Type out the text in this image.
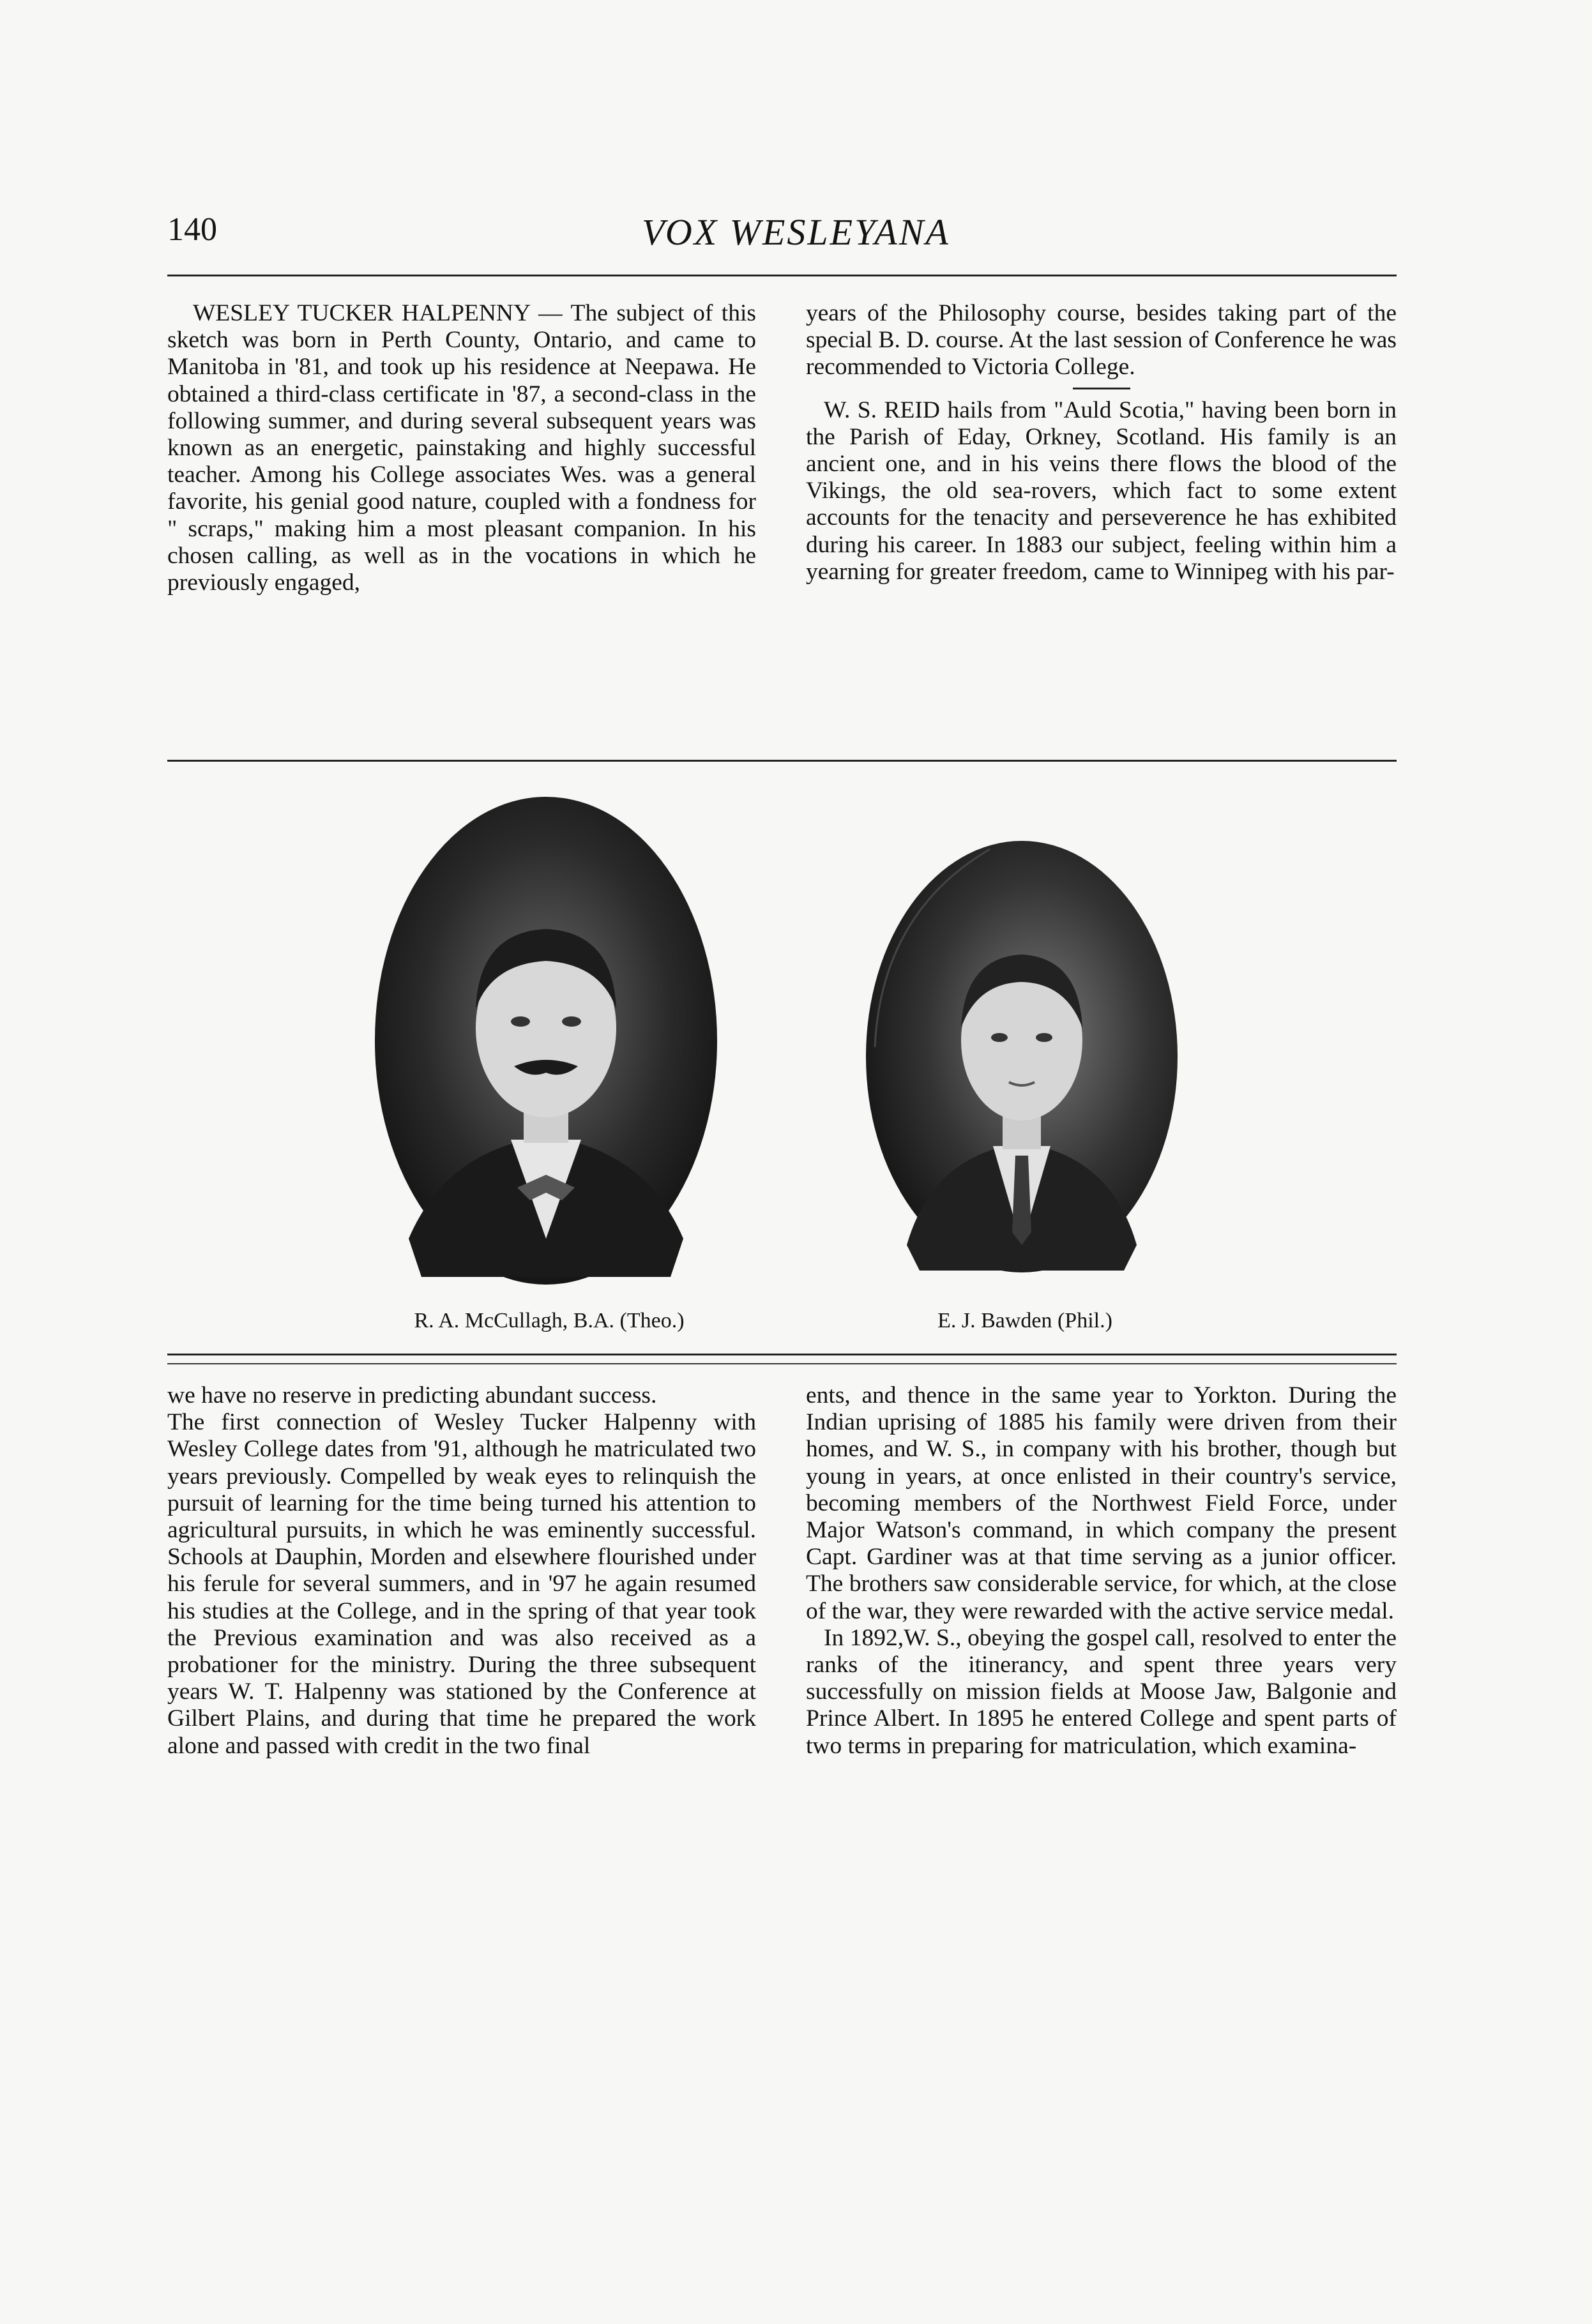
140	VOX WESLEYANA

WESLEY TUCKER HALPENNY — The subject of this sketch was born in Perth County, Ontario, and came to Manitoba in '81, and took up his residence at Neepawa. He obtained a third-class certificate in '87, a second-class in the following summer, and during several subsequent years was known as an energetic, painstaking and highly successful teacher. Among his College associates Wes. was a general favorite, his genial good nature, coupled with a fondness for " scraps," making him a most pleasant companion. In his chosen calling, as well as in the vocations in which he previously engaged,

years of the Philosophy course, besides taking part of the special B. D. course. At the last session of Conference he was recommended to Victoria College.

W. S. REID hails from "Auld Scotia," having been born in the Parish of Eday, Orkney, Scotland. His family is an ancient one, and in his veins there flows the blood of the Vikings, the old sea-rovers, which fact to some extent accounts for the tenacity and perseverence he has exhibited during his career. In 1883 our subject, feeling within him a yearning for greater freedom, came to Winnipeg with his par-

R. A. McCullagh, B.A. (Theo.)	E. J. Bawden (Phil.)

we have no reserve in predicting abundant success.

The first connection of Wesley Tucker Halpenny with Wesley College dates from '91, although he matriculated two years previously. Compelled by weak eyes to relinquish the pursuit of learning for the time being turned his attention to agricultural pursuits, in which he was eminently successful. Schools at Dauphin, Morden and elsewhere flourished under his ferule for several summers, and in '97 he again resumed his studies at the College, and in the spring of that year took the Previous examination and was also received as a probationer for the ministry. During the three subsequent years W. T. Halpenny was stationed by the Conference at Gilbert Plains, and during that time he prepared the work alone and passed with credit in the two final

ents, and thence in the same year to Yorkton. During the Indian uprising of 1885 his family were driven from their homes, and W. S., in company with his brother, though but young in years, at once enlisted in their country's service, becoming members of the Northwest Field Force, under Major Watson's command, in which company the present Capt. Gardiner was at that time serving as a junior officer. The brothers saw considerable service, for which, at the close of the war, they were rewarded with the active service medal.

In 1892,W. S., obeying the gospel call, resolved to enter the ranks of the itinerancy, and spent three years very successfully on mission fields at Moose Jaw, Balgonie and Prince Albert. In 1895 he entered College and spent parts of two terms in preparing for matriculation, which examina-
